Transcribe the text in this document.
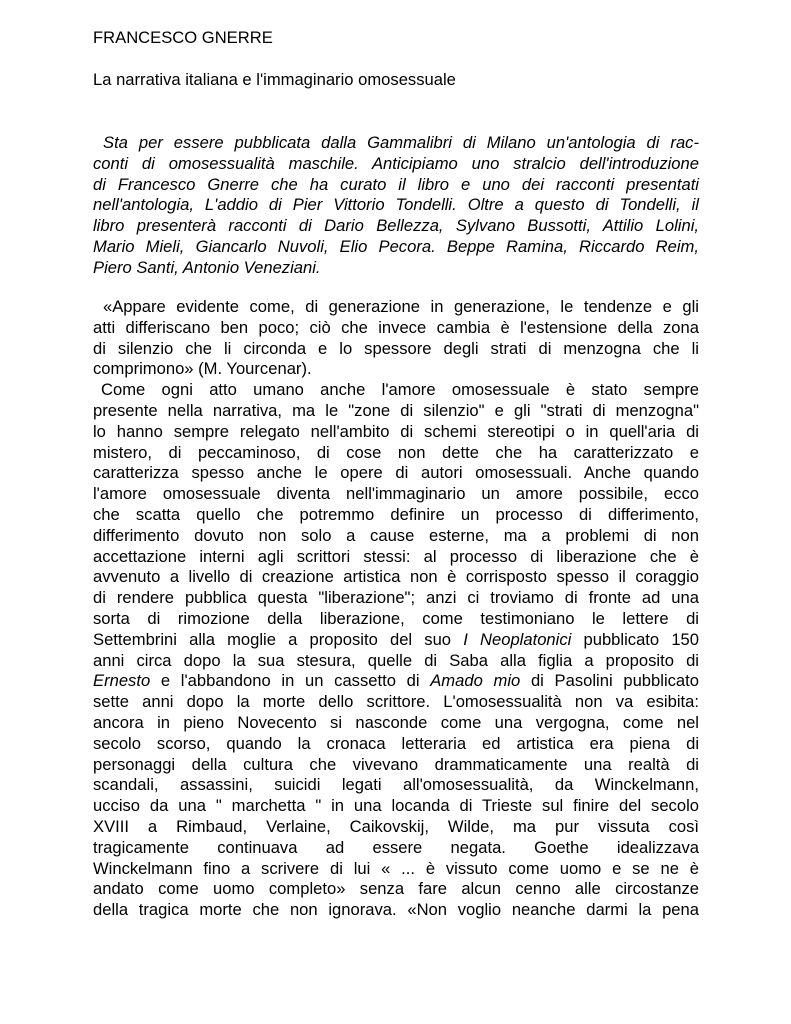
FRANCESCO GNERRE
La narrativa italiana e l'immaginario omosessuale
Sta per essere pubblicata dalla Gammalibri di Milano un'antologia di rac-
conti di omosessualità maschile. Anticipiamo uno stralcio dell'introduzione
di Francesco Gnerre che ha curato il libro e uno dei racconti presentati
nell'antologia, L'addio di Pier Vittorio Tondelli. Oltre a questo di Tondelli, il
libro presenterà racconti di Dario Bellezza, Sylvano Bussotti, Attilio Lolini,
Mario Mieli, Giancarlo Nuvoli, Elio Pecora. Beppe Ramina, Riccardo Reim,
Piero Santi, Antonio Veneziani.
«Appare evidente come, di generazione in generazione, le tendenze e gli
atti differiscano ben poco; ciò che invece cambia è l'estensione della zona
di silenzio che li circonda e lo spessore degli strati di menzogna che li
comprimono» (M. Yourcenar).
Come ogni atto umano anche l'amore omosessuale è stato sempre
presente nella narrativa, ma le "zone di silenzio" e gli "strati di menzogna"
lo hanno sempre relegato nell'ambito di schemi stereotipi o in quell'aria di
mistero, di peccaminoso, di cose non dette che ha caratterizzato e
caratterizza spesso anche le opere di autori omosessuali. Anche quando
l'amore omosessuale diventa nell'immaginario un amore possibile, ecco
che scatta quello che potremmo definire un processo di differimento,
differimento dovuto non solo a cause esterne, ma a problemi di non
accettazione interni agli scrittori stessi: al processo di liberazione che è
avvenuto a livello di creazione artistica non è corrisposto spesso il coraggio
di rendere pubblica questa "liberazione"; anzi ci troviamo di fronte ad una
sorta di rimozione della liberazione, come testimoniano le lettere di
Settembrini alla moglie a proposito del suo I Neoplatonici pubblicato 150
anni circa dopo la sua stesura, quelle di Saba alla figlia a proposito di
Ernesto e l'abbandono in un cassetto di Amado mio di Pasolini pubblicato
sette anni dopo la morte dello scrittore. L'omosessualità non va esibita:
ancora in pieno Novecento si nasconde come una vergogna, come nel
secolo scorso, quando la cronaca letteraria ed artistica era piena di
personaggi della cultura che vivevano drammaticamente una realtà di
scandali, assassini, suicidi legati all'omosessualità, da Winckelmann,
ucciso da una " marchetta " in una locanda di Trieste sul finire del secolo
XVIII a Rimbaud, Verlaine, Caikovskij, Wilde, ma pur vissuta così
tragicamente continuava ad essere negata. Goethe idealizzava
Winckelmann fino a scrivere di lui « ... è vissuto come uomo e se ne è
andato come uomo completo» senza fare alcun cenno alle circostanze
della tragica morte che non ignorava. «Non voglio neanche darmi la pena
